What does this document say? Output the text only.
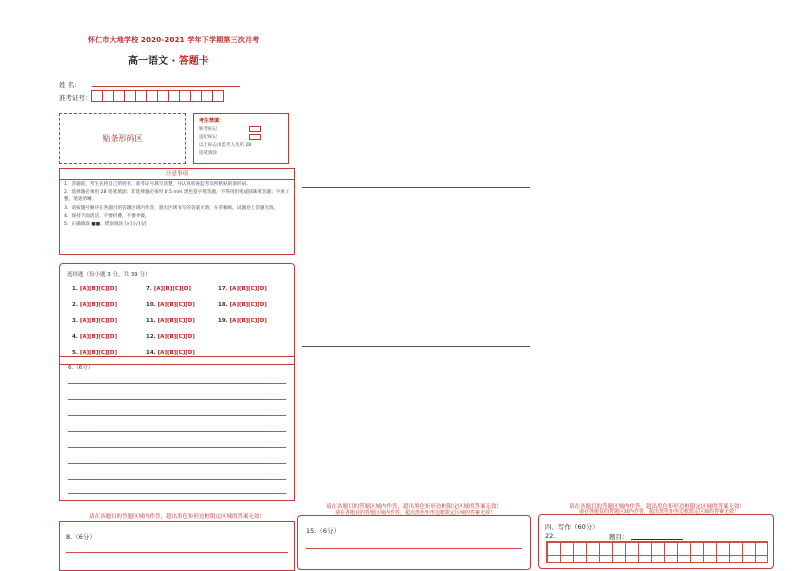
怀仁市大地学校 2020-2021 学年下学期第三次月考
高一语文 · 答题卡
姓 名：
准考证号：
贴条形码区
考生禁填：
缺考标记
违纪标记
以上标志由监考人员用 2B
铅笔填涂
注意事项
1．答题前，考生先将自己的姓名、准考证号填写清楚，并认真检查监考员所粘贴的条形码。
2．选择题必须用 2B 铅笔填涂；非选择题必须用 0.5 mm 黑色签字笔答题，不得用铅笔或圆珠笔答题；字体工整、笔迹清晰。
3．请按题号顺序在各题目的答题区域内作答，超出区域书写的答案无效；在草稿纸、试题卷上答题无效。
4．保持卡面清洁，不要折叠、不要弄破。
5．正确填涂 ■■；错误填涂 [×] [√] [/]
选择题（每小题 3 分，共 39 分）
1. [A][B][C][D]
2. [A][B][C][D]
3. [A][B][C][D]
4. [A][B][C][D]
5. [A][B][C][D]
7. [A][B][C][D]
10. [A][B][C][D]
11. [A][B][C][D]
12. [A][B][C][D]
14. [A][B][C][D]
17. [A][B][C][D]
18. [A][B][C][D]
19. [A][B][C][D]
6.（6分）
请在各题目的答题区域内作答，超出黑色矩形边框限定区域的答案无效！
请在各题目的答题区域内作答，超出黑色矩形边框限定区域的答案无效！
请在各题目的答题区域内作答，超出黑色矩形边框限定区域的答案无效！
请在各题目的答题区域内作答，超出黑色矩形边框限定区域的答案无效！
请在各题目的答题区域内作答，超出黑色矩形边框限定区域的答案无效！
8.（6分）
15.（6分）	四、写作（60分）
22.	题目：
